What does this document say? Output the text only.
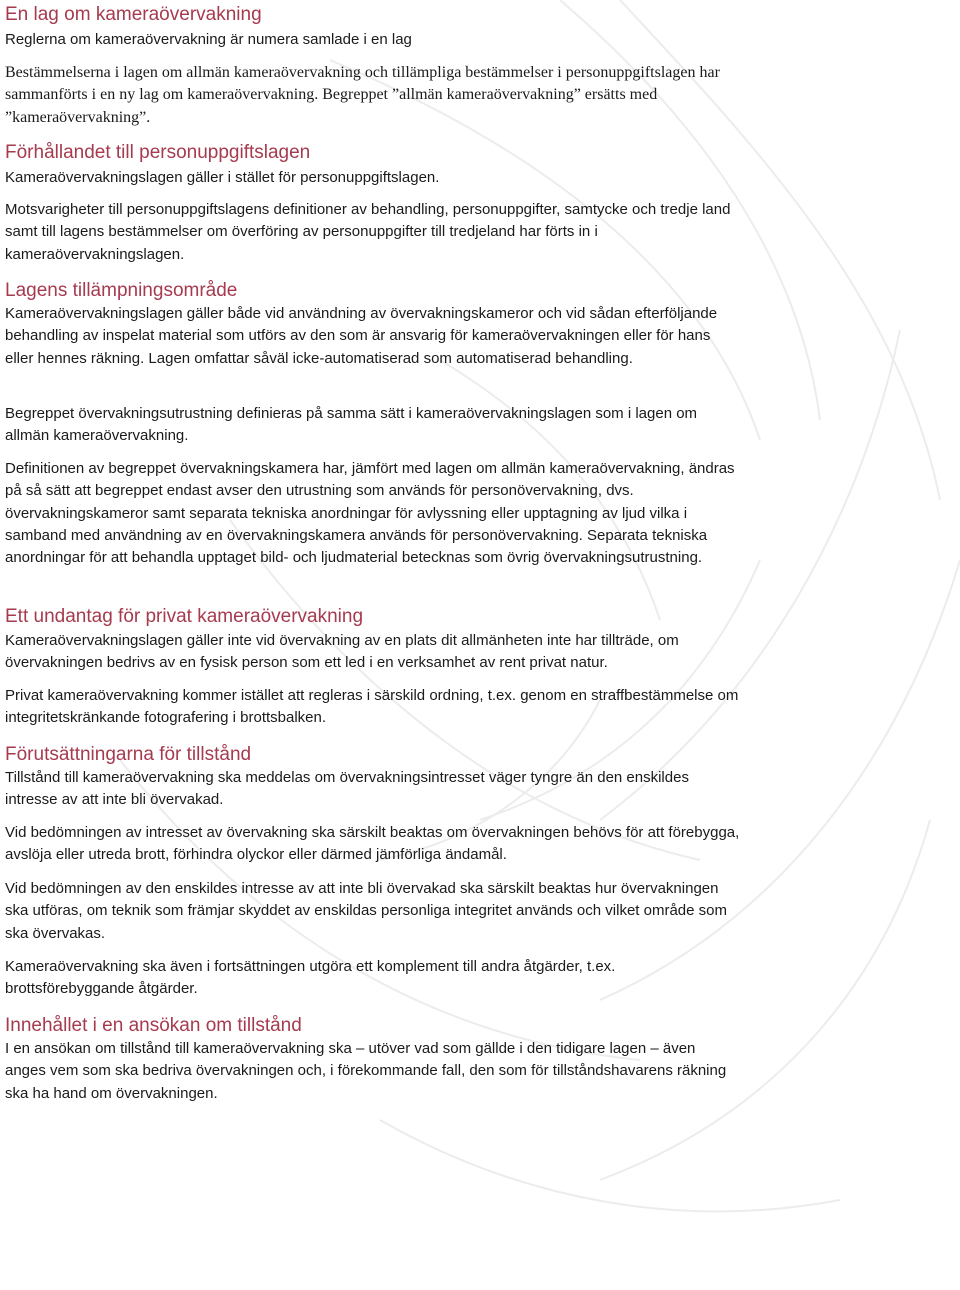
En lag om kameraövervakning

Reglerna om kameraövervakning är numera samlade i en lag

Bestämmelserna i lagen om allmän kameraövervakning och tillämpliga bestämmelser i personuppgiftslagen har sammanförts i en ny lag om kameraövervakning. Begreppet ”allmän kameraövervakning” ersätts med ”kameraövervakning”.

Förhållandet till personuppgiftslagen

Kameraövervakningslagen gäller i stället för personuppgiftslagen.

Motsvarigheter till personuppgiftslagens definitioner av behandling, personuppgifter, samtycke och tredje land samt till lagens bestämmelser om överföring av personuppgifter till tredjeland har förts in i kameraövervakningslagen.

Lagens tillämpningsområde

Kameraövervakningslagen gäller både vid användning av övervakningskameror och vid sådan efterföljande behandling av inspelat material som utförs av den som är ansvarig för kameraövervakningen eller för hans eller hennes räkning. Lagen omfattar såväl icke-automatiserad som automatiserad behandling.

Begreppet övervakningsutrustning definieras på samma sätt i kameraövervakningslagen som i lagen om allmän kameraövervakning.

Definitionen av begreppet övervakningskamera har, jämfört med lagen om allmän kameraövervakning, ändras på så sätt att begreppet endast avser den utrustning som används för personövervakning, dvs. övervakningskameror samt separata tekniska anordningar för avlyssning eller upptagning av ljud vilka i samband med användning av en övervakningskamera används för personövervakning. Separata tekniska anordningar för att behandla upptaget bild- och ljudmaterial betecknas som övrig övervakningsutrustning.

Ett undantag för privat kameraövervakning

Kameraövervakningslagen gäller inte vid övervakning av en plats dit allmänheten inte har tillträde, om övervakningen bedrivs av en fysisk person som ett led i en verksamhet av rent privat natur.

Privat kameraövervakning kommer istället att regleras i särskild ordning, t.ex. genom en straffbestämmelse om integritetskränkande fotografering i brottsbalken.

Förutsättningarna för tillstånd

Tillstånd till kameraövervakning ska meddelas om övervakningsintresset väger tyngre än den enskildes intresse av att inte bli övervakad.

Vid bedömningen av intresset av övervakning ska särskilt beaktas om övervakningen behövs för att förebygga, avslöja eller utreda brott, förhindra olyckor eller därmed jämförliga ändamål.

Vid bedömningen av den enskildes intresse av att inte bli övervakad ska särskilt beaktas hur övervakningen ska utföras, om teknik som främjar skyddet av enskildas personliga integritet används och vilket område som ska övervakas.

Kameraövervakning ska även i fortsättningen utgöra ett komplement till andra åtgärder, t.ex. brottsförebyggande åtgärder.

Innehållet i en ansökan om tillstånd

I en ansökan om tillstånd till kameraövervakning ska – utöver vad som gällde i den tidigare lagen – även anges vem som ska bedriva övervakningen och, i förekommande fall, den som för tillståndshavarens räkning ska ha hand om övervakningen.
